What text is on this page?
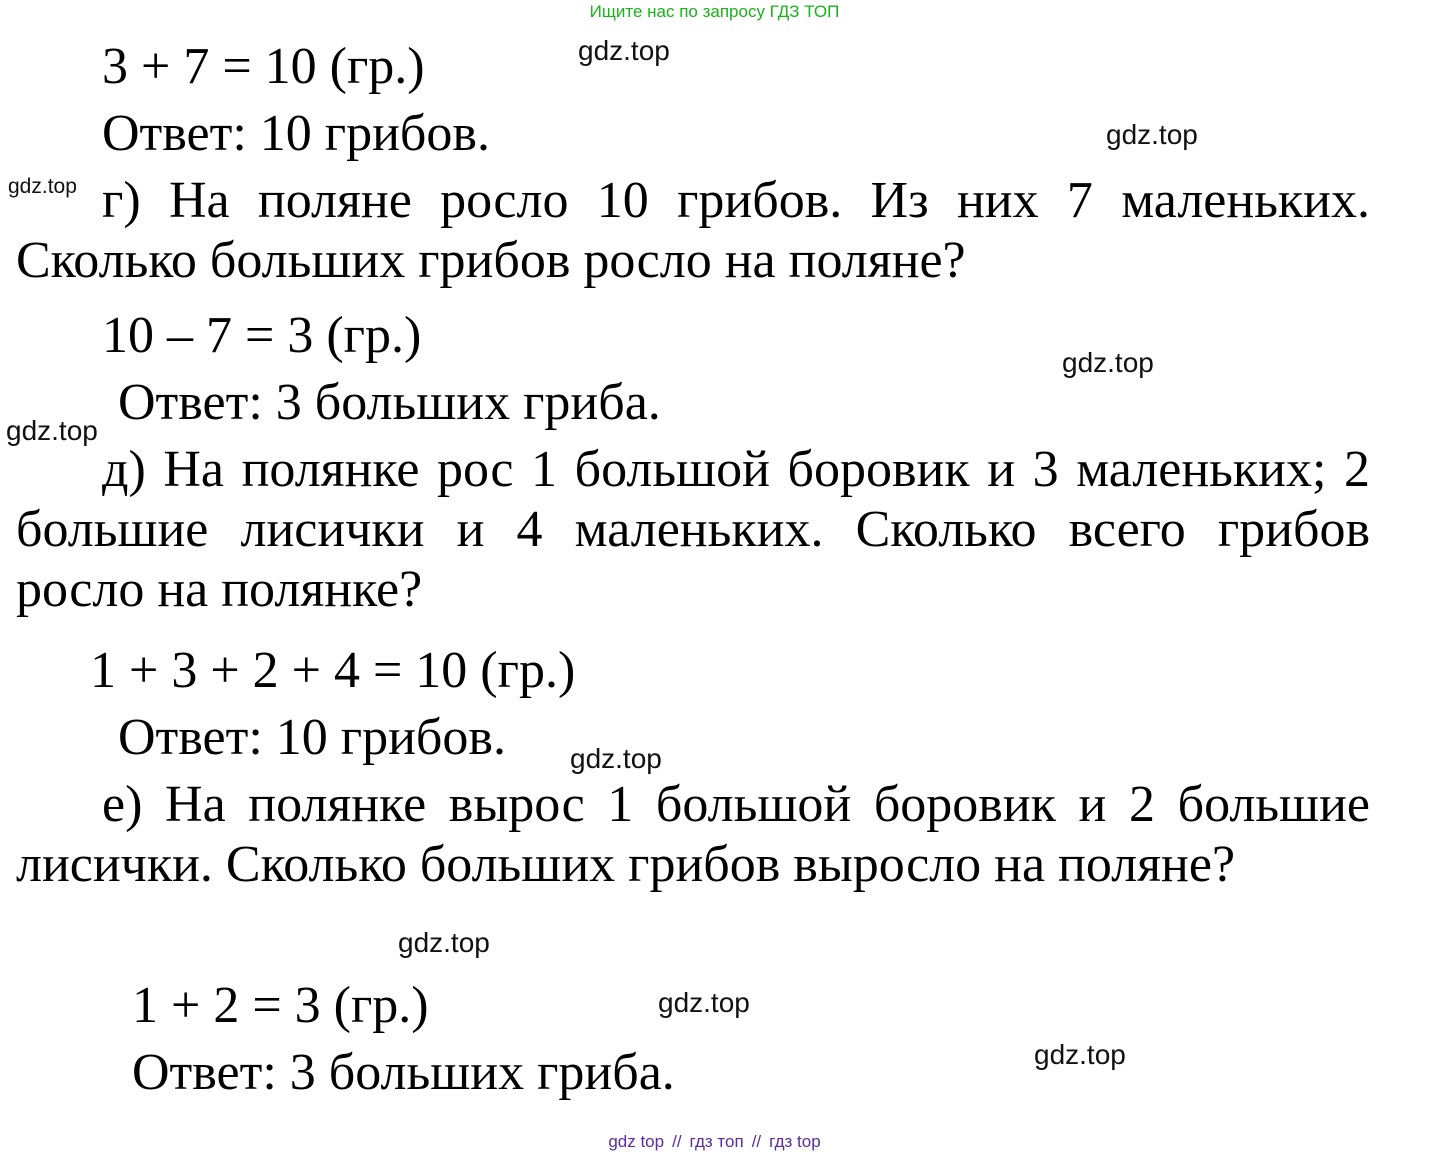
Ищите нас по запросу ГДЗ ТОП

3 + 7 = 10 (гр.)

Ответ: 10 грибов.

г) На поляне росло 10 грибов. Из них 7 маленьких. Сколько больших грибов росло на поляне?

10 – 7 = 3 (гр.)

Ответ: 3 больших гриба.

д) На полянке рос 1 большой боровик и 3 маленьких; 2 большие лисички и 4 маленьких. Сколько всего грибов росло на полянке?

1 + 3 + 2 + 4 = 10 (гр.)

Ответ: 10 грибов.

е) На полянке вырос 1 большой боровик и 2 большие лисички. Сколько больших грибов выросло на поляне?

1 + 2 = 3 (гр.)

Ответ: 3 больших гриба.

gdz.top
gdz.top
gdz.top
gdz.top
gdz.top
gdz.top
gdz.top
gdz.top
gdz.top
gdz top // гдз топ // гдз top
